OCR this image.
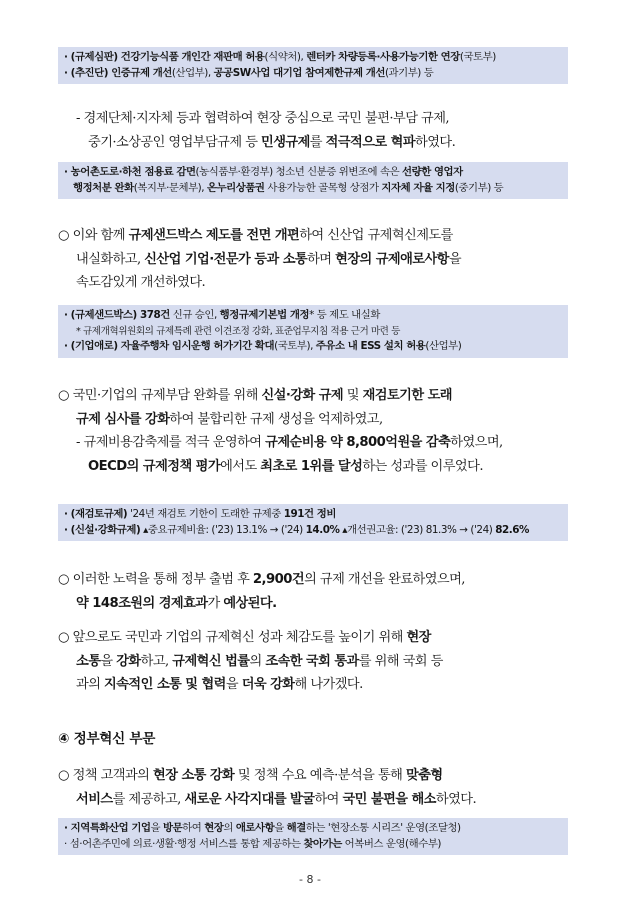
· (규제심판) 건강기능식품 개인간 재판매 허용(식약처), 렌터카 차량등록·사용가능기한 연장(국토부)
· (추진단) 인증규제 개선(산업부), 공공SW사업 대기업 참여제한규제 개선(과기부) 등
- 경제단체·지자체 등과 협력하여 현장 중심으로 국민 불편·부담 규제,
중기·소상공인 영업부담규제 등 민생규제를 적극적으로 혁파하였다.
· 농어촌도로·하천 점용료 감면(농식품부·환경부) 청소년 신분증 위변조에 속은 선량한 영업자
행정처분 완화(복지부·문체부), 온누리상품권 사용가능한 골목형 상점가 지자체 자율 지정(중기부) 등
○ 이와 함께 규제샌드박스 제도를 전면 개편하여 신산업 규제혁신제도를
내실화하고, 신산업 기업·전문가 등과 소통하며 현장의 규제애로사항을
속도감있게 개선하였다.
· (규제샌드박스) 378건 신규 승인, 행정규제기본법 개정* 등 제도 내실화
* 규제개혁위원회의 규제특례 관련 이견조정 강화, 표준업무지침 적용 근거 마련 등
· (기업애로) 자율주행차 임시운행 허가기간 확대(국토부), 주유소 내 ESS 설치 허용(산업부)
○ 국민·기업의 규제부담 완화를 위해 신설·강화 규제 및 재검토기한 도래
규제 심사를 강화하여 불합리한 규제 생성을 억제하였고,
- 규제비용감축제를 적극 운영하여 규제순비용 약 8,800억원을 감축하였으며,
OECD의 규제정책 평가에서도 최초로 1위를 달성하는 성과를 이루었다.
· (재검토규제) '24년 재검토 기한이 도래한 규제중 191건 정비
· (신설·강화규제) ▴중요규제비율: ('23) 13.1% → ('24) 14.0% ▴개선권고율: ('23) 81.3% → ('24) 82.6%
○ 이러한 노력을 통해 정부 출범 후 2,900건의 규제 개선을 완료하였으며,
약 148조원의 경제효과가 예상된다.
○ 앞으로도 국민과 기업의 규제혁신 성과 체감도를 높이기 위해 현장
소통을 강화하고, 규제혁신 법률의 조속한 국회 통과를 위해 국회 등
과의 지속적인 소통 및 협력을 더욱 강화해 나가겠다.
④ 정부혁신 부문
○ 정책 고객과의 현장 소통 강화 및 정책 수요 예측·분석을 통해 맞춤형
서비스를 제공하고, 새로운 사각지대를 발굴하여 국민 불편을 해소하였다.
· 지역특화산업 기업을 방문하여 현장의 애로사항을 해결하는 '현장소통 시리즈' 운영(조달청)
· 섬·어촌주민에 의료·생활·행정 서비스를 통합 제공하는 찾아가는 어복버스 운영(해수부)
- 8 -
